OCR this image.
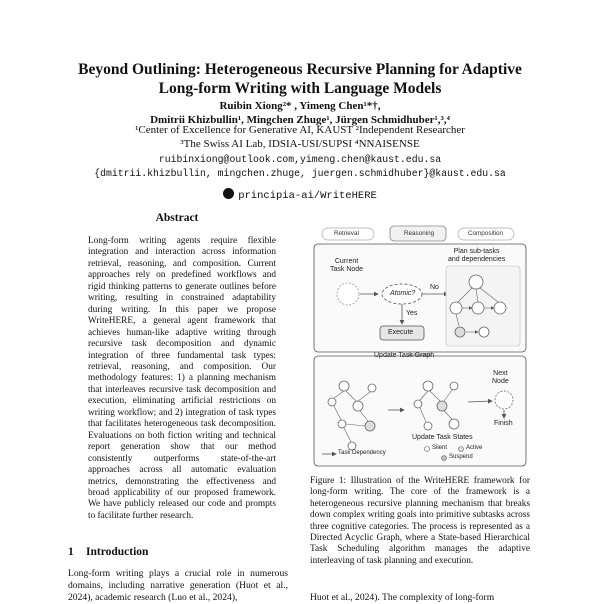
Beyond Outlining: Heterogeneous Recursive Planning for Adaptive
Long-form Writing with Language Models
Ruibin Xiong²* , Yimeng Chen¹*†,
Dmitrii Khizbullin¹, Mingchen Zhuge¹, Jürgen Schmidhuber¹,³,⁴
¹Center of Excellence for Generative AI, KAUST ²Independent Researcher
³The Swiss AI Lab, IDSIA-USI/SUPSI ⁴NNAISENSE
ruibinxiong@outlook.com,yimeng.chen@kaust.edu.sa
{dmitrii.khizbullin, mingchen.zhuge, juergen.schmidhuber}@kaust.edu.sa
principia-ai/WriteHERE
Abstract
Long-form writing agents require flexible integration and interaction across information retrieval, reasoning, and composition. Current approaches rely on predefined workflows and rigid thinking patterns to generate outlines before writing, resulting in constrained adaptability during writing. In this paper we propose WriteHERE, a general agent framework that achieves human-like adaptive writing through recursive task decomposition and dynamic integration of three fundamental task types: retrieval, reasoning, and composition. Our methodology features: 1) a planning mechanism that interleaves recursive task decomposition and execution, eliminating artificial restrictions on writing workflow; and 2) integration of task types that facilitates heterogeneous task decomposition. Evaluations on both fiction writing and technical report generation show that our method consistently outperforms state-of-the-art approaches across all automatic evaluation metrics, demonstrating the effectiveness and broad applicability of our proposed framework. We have publicly released our code and prompts to facilitate further research.
1 Introduction
Long-form writing plays a crucial role in numerous domains, including narrative generation (Huot et al., 2024), academic research (Luo et al., 2024),
Retrieval	Reasoning	Composition
Current
Task Node
Plan sub-tasks
and dependencies
Atomic?
No
Yes
Execute
Update Task Graph
Next
Node
Finish
Update Task States
Task Dependency
Silent	Active
Suspend
Figure 1: Illustration of the WriteHERE framework for long-form writing. The core of the framework is a heterogeneous recursive planning mechanism that breaks down complex writing goals into primitive subtasks across three cognitive categories. The process is represented as a Directed Acyclic Graph, where a State-based Hierarchical Task Scheduling algorithm manages the adaptive interleaving of task planning and execution.
Huot et al., 2024). The complexity of long-form
